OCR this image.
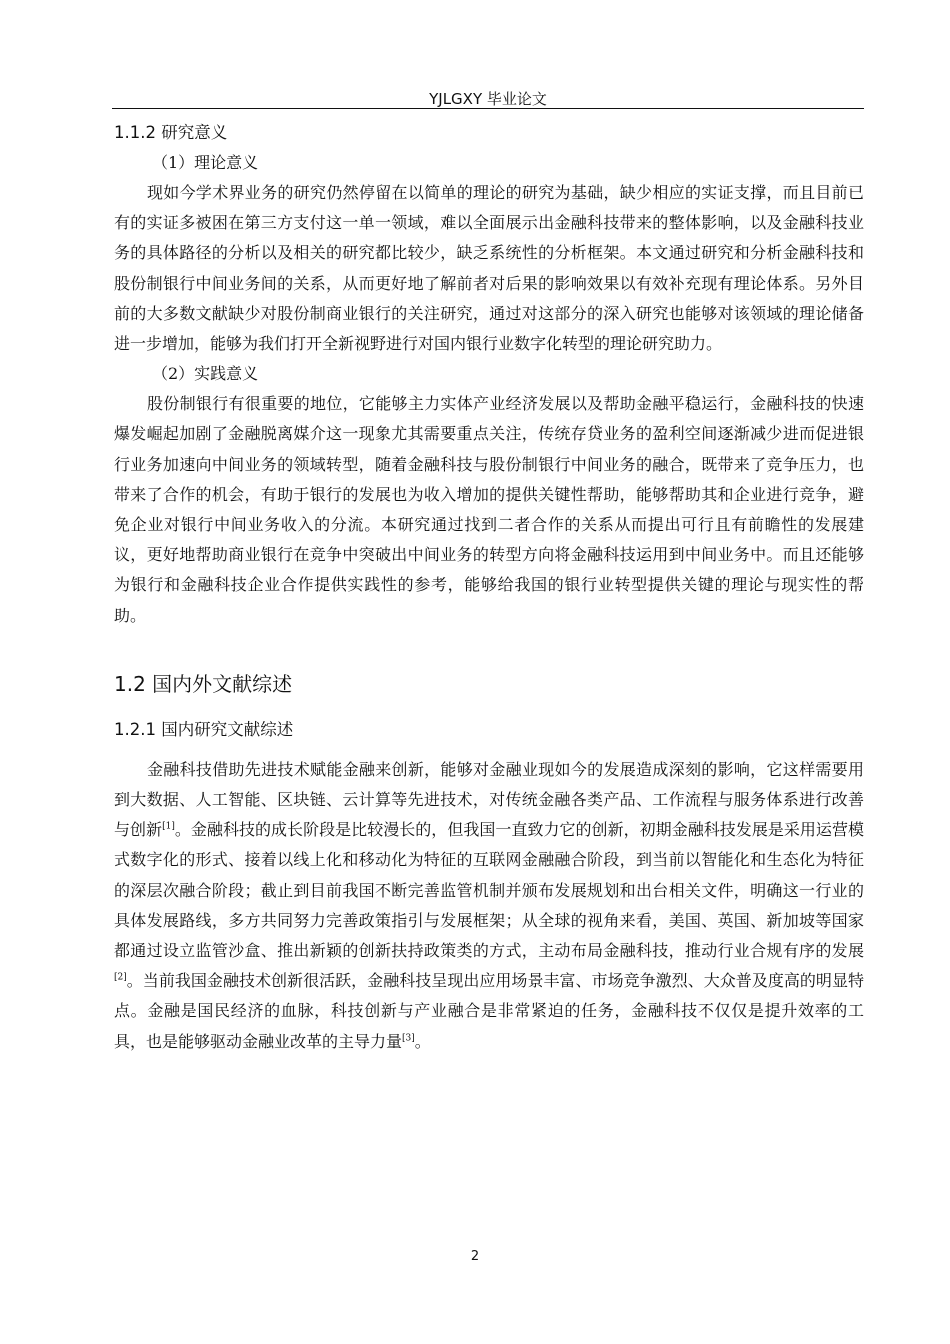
YJLGXY 毕业论文

1.1.2 研究意义

（1）理论意义

现如今学术界业务的研究仍然停留在以简单的理论的研究为基础，缺少相应的实证支撑，而且目前已有的实证多被困在第三方支付这一单一领域，难以全面展示出金融科技带来的整体影响，以及金融科技业务的具体路径的分析以及相关的研究都比较少，缺乏系统性的分析框架。本文通过研究和分析金融科技和股份制银行中间业务间的关系，从而更好地了解前者对后果的影响效果以有效补充现有理论体系。另外目前的大多数文献缺少对股份制商业银行的关注研究，通过对这部分的深入研究也能够对该领域的理论储备进一步增加，能够为我们打开全新视野进行对国内银行业数字化转型的理论研究助力。

（2）实践意义

股份制银行有很重要的地位，它能够主力实体产业经济发展以及帮助金融平稳运行，金融科技的快速爆发崛起加剧了金融脱离媒介这一现象尤其需要重点关注，传统存贷业务的盈利空间逐渐减少进而促进银行业务加速向中间业务的领域转型，随着金融科技与股份制银行中间业务的融合，既带来了竞争压力，也带来了合作的机会，有助于银行的发展也为收入增加的提供关键性帮助，能够帮助其和企业进行竞争，避免企业对银行中间业务收入的分流。本研究通过找到二者合作的关系从而提出可行且有前瞻性的发展建议，更好地帮助商业银行在竞争中突破出中间业务的转型方向将金融科技运用到中间业务中。而且还能够为银行和金融科技企业合作提供实践性的参考，能够给我国的银行业转型提供关键的理论与现实性的帮助。

1.2 国内外文献综述

1.2.1 国内研究文献综述

金融科技借助先进技术赋能金融来创新，能够对金融业现如今的发展造成深刻的影响，它这样需要用到大数据、人工智能、区块链、云计算等先进技术，对传统金融各类产品、工作流程与服务体系进行改善与创新[1]。金融科技的成长阶段是比较漫长的，但我国一直致力它的创新，初期金融科技发展是采用运营模式数字化的形式、接着以线上化和移动化为特征的互联网金融融合阶段，到当前以智能化和生态化为特征的深层次融合阶段；截止到目前我国不断完善监管机制并颁布发展规划和出台相关文件，明确这一行业的具体发展路线，多方共同努力完善政策指引与发展框架；从全球的视角来看，美国、英国、新加坡等国家都通过设立监管沙盒、推出新颖的创新扶持政策类的方式，主动布局金融科技，推动行业合规有序的发展[2]。当前我国金融技术创新很活跃，金融科技呈现出应用场景丰富、市场竞争激烈、大众普及度高的明显特点。金融是国民经济的血脉，科技创新与产业融合是非常紧迫的任务，金融科技不仅仅是提升效率的工具，也是能够驱动金融业改革的主导力量[3]。

2
